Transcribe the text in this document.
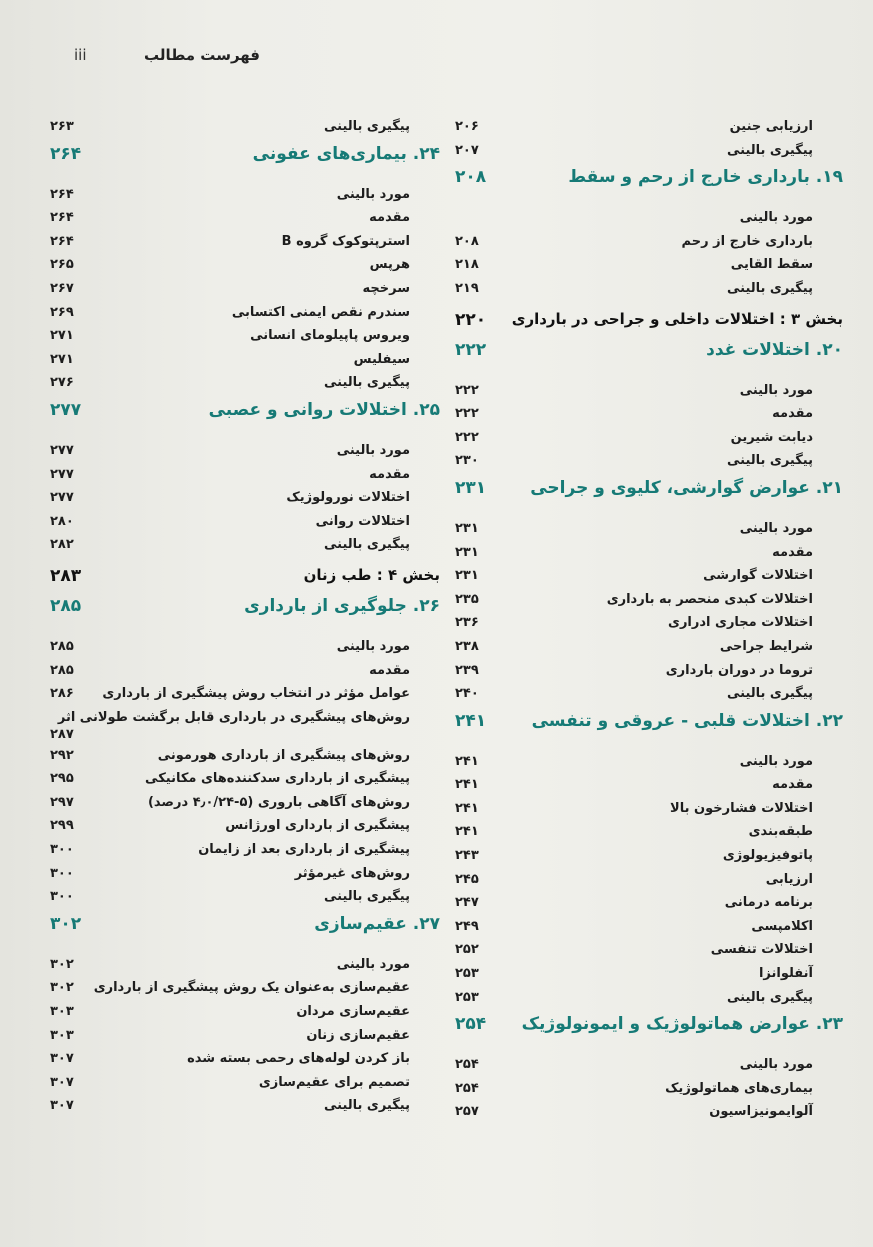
iii	فهرست مطالب
ارزیابی جنین
۲۰۶
پیگیری بالینی
۲۰۷
۱۹. بارداری خارج از رحم و سقط
۲۰۸
مورد بالینی
بارداری خارج از رحم
۲۰۸
سقط القایی
۲۱۸
پیگیری بالینی
۲۱۹
بخش ۳ : اختلالات داخلی و جراحی در بارداری
۲۲۰
۲۰. اختلالات غدد
۲۲۲
مورد بالینی
۲۲۲
مقدمه
۲۲۲
دیابت شیرین
۲۲۲
پیگیری بالینی
۲۳۰
۲۱. عوارض گوارشی، کلیوی و جراحی
۲۳۱
مورد بالینی
۲۳۱
مقدمه
۲۳۱
اختلالات گوارشی
۲۳۱
اختلالات کبدی منحصر به بارداری
۲۳۵
اختلالات مجاری ادراری
۲۳۶
شرایط جراحی
۲۳۸
تروما در دوران بارداری
۲۳۹
پیگیری بالینی
۲۴۰
۲۲. اختلالات قلبی - عروقی و تنفسی
۲۴۱
مورد بالینی
۲۴۱
مقدمه
۲۴۱
اختلالات فشارخون بالا
۲۴۱
طبقه‌بندی
۲۴۱
پاتوفیزیولوژی
۲۴۳
ارزیابی
۲۴۵
برنامه درمانی
۲۴۷
اکلامپسی
۲۴۹
اختلالات تنفسی
۲۵۲
آنفلوانزا
۲۵۳
پیگیری بالینی
۲۵۳
۲۳. عوارض هماتولوژیک و ایمونولوژیک
۲۵۴
مورد بالینی
۲۵۴
بیماری‌های هماتولوژیک
۲۵۴
آلوایمونیزاسیون
۲۵۷
پیگیری بالینی
۲۶۳
۲۴. بیماری‌های عفونی
۲۶۴
مورد بالینی
۲۶۴
مقدمه
۲۶۴
استرپتوکوک گروه B
۲۶۴
هرپس
۲۶۵
سرخچه
۲۶۷
سندرم نقص ایمنی اکتسابی
۲۶۹
ویروس پاپیلومای انسانی
۲۷۱
سیفلیس
۲۷۱
پیگیری بالینی
۲۷۶
۲۵. اختلالات روانی و عصبی
۲۷۷
مورد بالینی
۲۷۷
مقدمه
۲۷۷
اختلالات نورولوژیک
۲۷۷
اختلالات روانی
۲۸۰
پیگیری بالینی
۲۸۲
بخش ۴ : طب زنان
۲۸۳
۲۶. جلوگیری از بارداری
۲۸۵
مورد بالینی
۲۸۵
مقدمه
۲۸۵
عوامل مؤثر در انتخاب روش پیشگیری از بارداری
۲۸۶
روش‌های پیشگیری در بارداری قابل برگشت طولانی اثر
۲۸۷
روش‌های پیشگیری از بارداری هورمونی
۲۹۲
پیشگیری از بارداری سدکننده‌های مکانیکی
۲۹۵
روش‌های آگاهی باروری (۵-۴٫۰/۲۴ درصد)
۲۹۷
پیشگیری از بارداری اورژانس
۲۹۹
پیشگیری از بارداری بعد از زایمان
۳۰۰
روش‌های غیرمؤثر
۳۰۰
پیگیری بالینی
۳۰۰
۲۷. عقیم‌سازی
۳۰۲
مورد بالینی
۳۰۲
عقیم‌سازی به‌عنوان یک روش پیشگیری از بارداری
۳۰۲
عقیم‌سازی مردان
۳۰۳
عقیم‌سازی زنان
۳۰۳
باز کردن لوله‌های رحمی بسته شده
۳۰۷
تصمیم برای عقیم‌سازی
۳۰۷
پیگیری بالینی
۳۰۷
